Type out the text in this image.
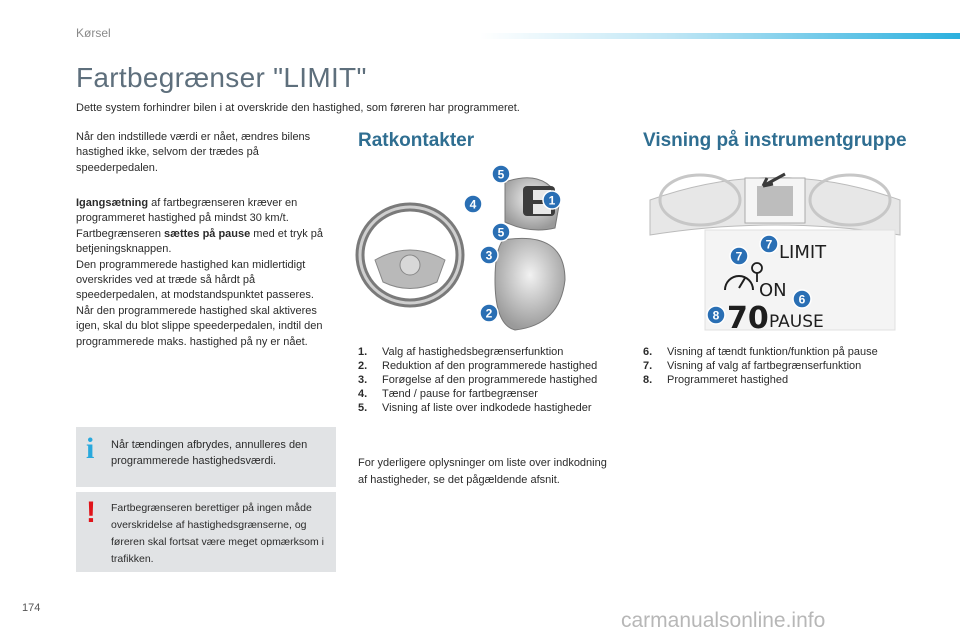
Kørsel
Fartbegrænser "LIMIT"
Dette system forhindrer bilen i at overskride den hastighed, som føreren har programmeret.

Når den indstillede værdi er nået, ændres bilens hastighed ikke, selvom der trædes på speederpedalen.

Igangsætning af fartbegrænseren kræver en programmeret hastighed på mindst 30 km/t.

Fartbegrænseren sættes på pause med et tryk på betjeningsknappen.

Den programmerede hastighed kan midlertidigt overskrides ved at træde så hårdt på speederpedalen, at modstandspunktet passeres.

Når den programmerede hastighed skal aktiveres igen, skal du blot slippe speederpedalen, indtil den programmerede maks. hastighed på ny er nået.

i	Når tændingen afbrydes, annulleres den programmerede hastighedsværdi.
!	Fartbegrænseren berettiger på ingen måde overskridelse af hastighedsgrænserne, og føreren skal fortsat være meget opmærksom i trafikken.
Ratkontakter
5
4	1
5
3
2
1.	Valg af hastighedsbegrænserfunktion
2.	Reduktion af den programmerede hastighed
3.	Forøgelse af den programmerede hastighed
4.	Tænd / pause for fartbegrænser
5.	Visning af liste over indkodede hastigheder
For yderligere oplysninger om liste over indkodning af hastigheder, se det pågældende afsnit.
Visning på instrumentgruppe
LIMIT
ON
70 PAUSE
7
7
6
8
6.	Visning af tændt funktion/funktion på pause
7.	Visning af valg af fartbegrænserfunktion
8.	Programmeret hastighed
174
carmanualsonline.info
